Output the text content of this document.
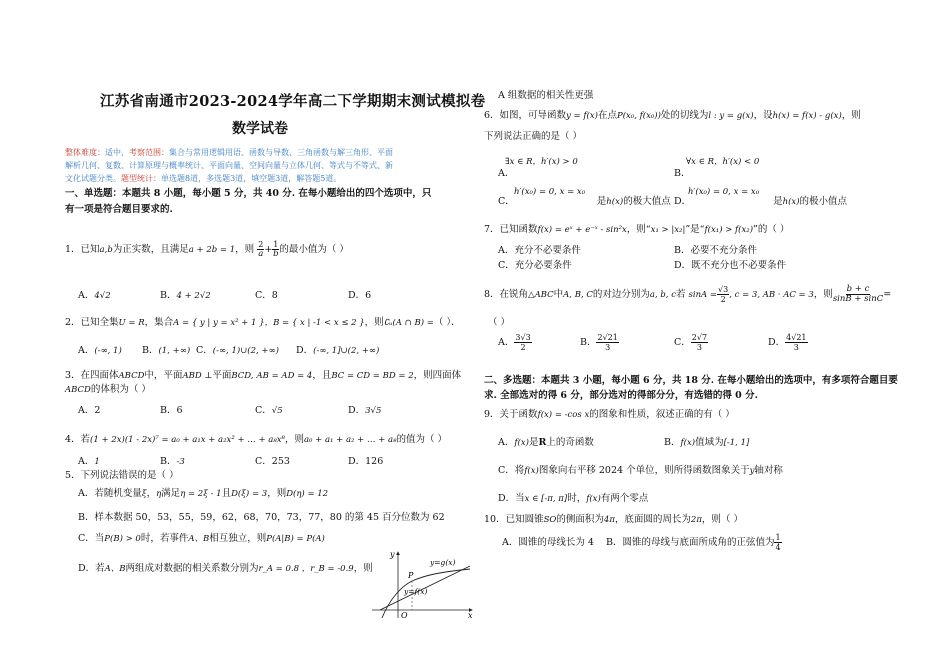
江苏省南通市2023-2024学年高二下学期期末测试模拟卷
数学试卷
整体难度：适中，考察范围：集合与常用逻辑用语、函数与导数、三角函数与解三角形、平面
解析几何、复数、计算原理与概率统计、平面向量、空间向量与立体几何、等式与不等式、新
文化试题分类。题型统计：单选题8道，多选题3道，填空题3道，解答题5道。
一、单选题：本题共 8 小题，每小题 5 分，共 40 分. 在每小题给出的四个选项中，只
有一项是符合题目要求的.
1．已知a,b为正实数，且满足a + 2b = 1，则 $\frac{2}{a} + \frac{1}{b}$ 的最小值为（ ）
A．4√2	B．4 + 2√2	C．8	D．6
2．已知全集U = R，集合A = { y | y = x² + 1 }，B = { x | -1 < x ≤ 2 }，则∁ᵤ(A ∩ B) =（ ）．
A．(-∞, 1) B．(1, +∞) C．(-∞, 1)∪(2, +∞) D．(-∞, 1]∪(2, +∞)
3．在四面体ABCD中，平面ABD ⊥平面BCD, AB = AD = 4，且BC = CD = BD = 2，则四面体
ABCD的体积为（ ）
A．2	B．6	C．√5	D．3√5
4．若(1 + 2x)(1 - 2x)⁷ = a₀ + a₁x + a₂x² + … + a₈x⁸，则a₀ + a₁ + a₂ + … + a₈的值为（ ）
A．1	B．-3	C．253	D．126
5．下列说法错误的是（ ）
A．若随机变量ξ，η满足η = 2ξ - 1且D(ξ) = 3，则D(η) = 12
B．样本数据 50，53，55，59，62，68，70，73，77，80 的第 45 百分位数为 62
C．当P(B) > 0时，若事件A、B相互独立，则P(A|B) = P(A)
D．若A、B两组成对数据的相关系数分别为r_A = 0.8 ，r_B = -0.9，则
y
x
O
y=g(x)
y=f(x)
P
A 组数据的相关性更强
6．如图，可导函数y = f(x)在点P(x₀, f(x₀))处的切线为l : y = g(x)，设h(x) = f(x) - g(x)，则
下列说法正确的是（ ）
∃x ∈ R，h′(x) > 0
A．
∀x ∈ R，h′(x) < 0
B．
h′(x₀) = 0, x = x₀
C．	是h(x)的极大值点
h′(x₀) = 0, x = x₀
D．	是h(x)的极小值点
7．已知函数f(x) = eˣ + e⁻ˣ - sin²x，则“x₁ > |x₂|”是“f(x₁) > f(x₂)”的（ ）
A．充分不必要条件	B．必要不充分条件
C．充分必要条件	D．既不充分也不必要条件
8．在锐角△ABC中A, B, C的对边分别为a, b, c若 $\sin A = \frac{√3}{2}$ , c = 3, AB · AC = 3，则 $\frac{b + c}{\sin B + \sin C}$ =
（ ）
A． $\frac{3√3}{2}$	B． $\frac{2√21}{3}$	C． $\frac{2√7}{3}$	D． $\frac{4√21}{3}$
二、多选题：本题共 3 小题，每小题 6 分，共 18 分. 在每小题给出的选项中，有多项符合题目要
求. 全部选对的得 6 分，部分选对的得部分分，有选错的得 0 分.
9．关于函数f(x) = -cos x的图象和性质，叙述正确的有（ ）
A．f(x)是R上的奇函数	B．f(x)值域为[-1, 1]
C．将f(x)图象向右平移 2024 个单位，则所得函数图象关于y轴对称
D．当x ∈ [-π, π]时，f(x)有两个零点
10．已知圆锥SO的侧面积为4π，底面圆的周长为2π，则（ ）
A．圆锥的母线长为 4 B．圆锥的母线与底面所成角的正弦值为 $\frac{1}{4}$
